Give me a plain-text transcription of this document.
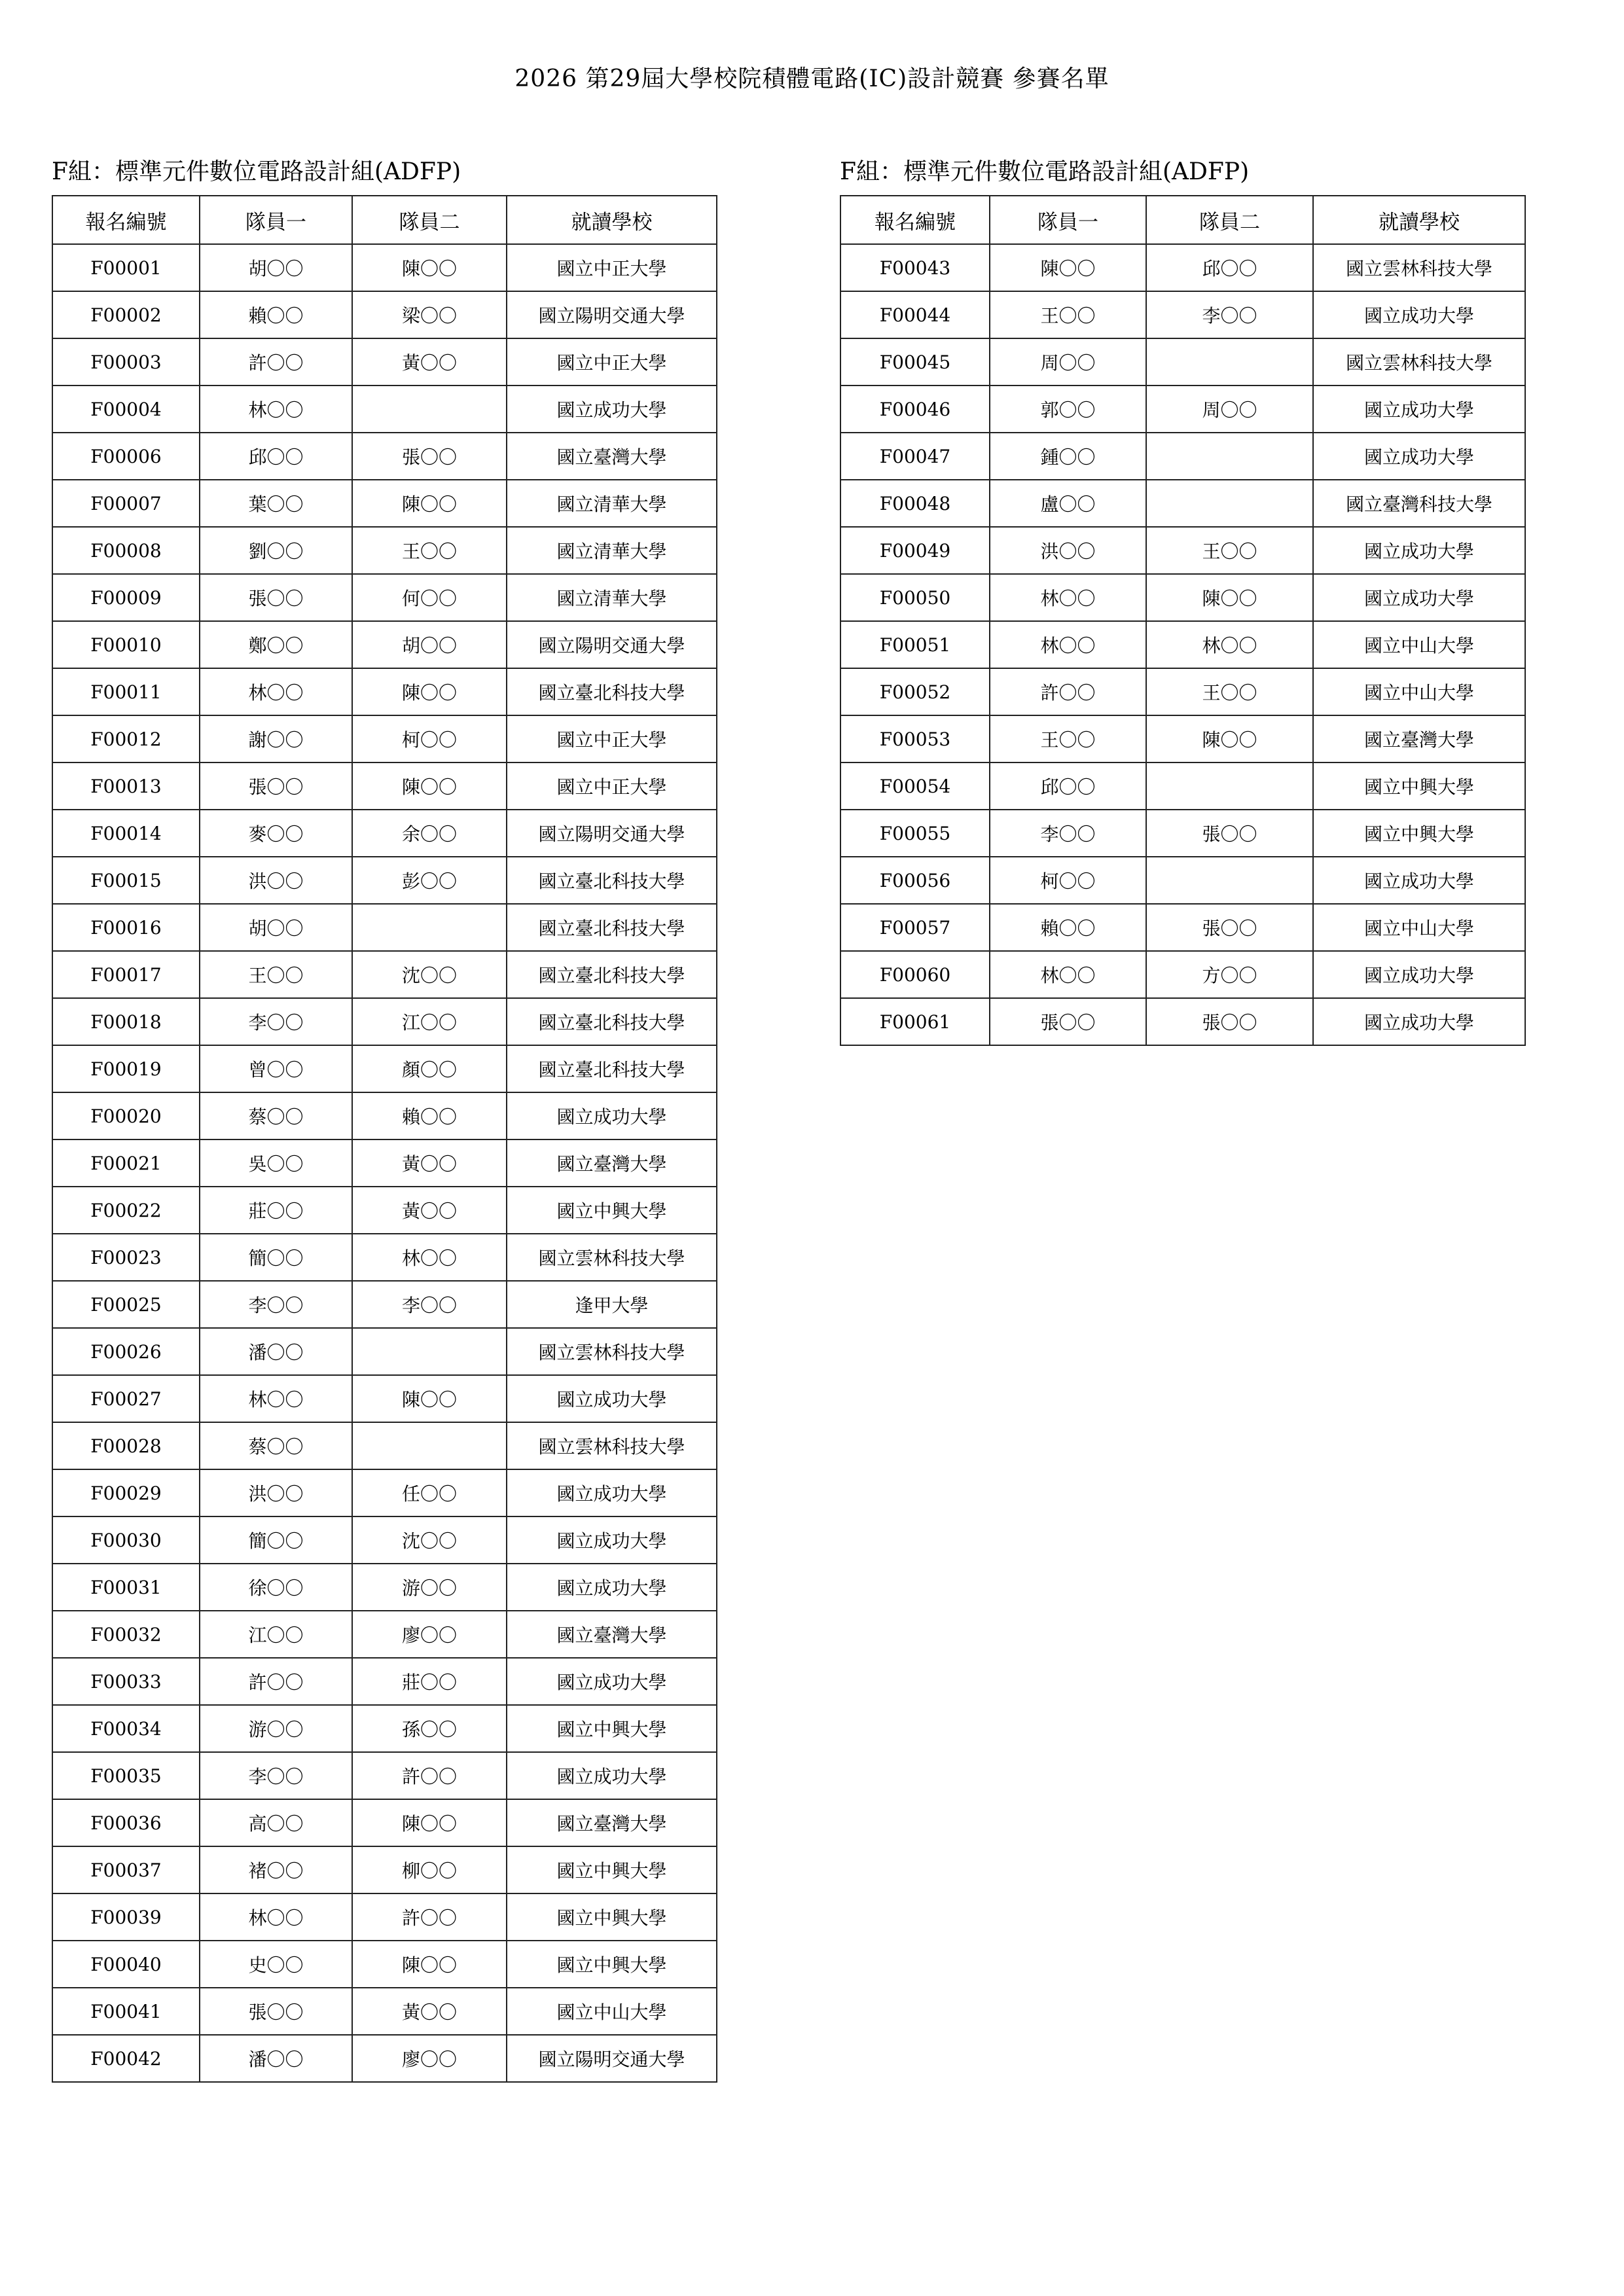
2026 第29屆大學校院積體電路(IC)設計競賽 參賽名單
F組：標準元件數位電路設計組(ADFP)
報名編號	隊員一	隊員二	就讀學校
F00001	胡〇〇	陳〇〇	國立中正大學
F00002	賴〇〇	梁〇〇	國立陽明交通大學
F00003	許〇〇	黃〇〇	國立中正大學
F00004	林〇〇		國立成功大學
F00006	邱〇〇	張〇〇	國立臺灣大學
F00007	葉〇〇	陳〇〇	國立清華大學
F00008	劉〇〇	王〇〇	國立清華大學
F00009	張〇〇	何〇〇	國立清華大學
F00010	鄭〇〇	胡〇〇	國立陽明交通大學
F00011	林〇〇	陳〇〇	國立臺北科技大學
F00012	謝〇〇	柯〇〇	國立中正大學
F00013	張〇〇	陳〇〇	國立中正大學
F00014	麥〇〇	余〇〇	國立陽明交通大學
F00015	洪〇〇	彭〇〇	國立臺北科技大學
F00016	胡〇〇		國立臺北科技大學
F00017	王〇〇	沈〇〇	國立臺北科技大學
F00018	李〇〇	江〇〇	國立臺北科技大學
F00019	曾〇〇	顏〇〇	國立臺北科技大學
F00020	蔡〇〇	賴〇〇	國立成功大學
F00021	吳〇〇	黃〇〇	國立臺灣大學
F00022	莊〇〇	黃〇〇	國立中興大學
F00023	簡〇〇	林〇〇	國立雲林科技大學
F00025	李〇〇	李〇〇	逢甲大學
F00026	潘〇〇		國立雲林科技大學
F00027	林〇〇	陳〇〇	國立成功大學
F00028	蔡〇〇		國立雲林科技大學
F00029	洪〇〇	任〇〇	國立成功大學
F00030	簡〇〇	沈〇〇	國立成功大學
F00031	徐〇〇	游〇〇	國立成功大學
F00032	江〇〇	廖〇〇	國立臺灣大學
F00033	許〇〇	莊〇〇	國立成功大學
F00034	游〇〇	孫〇〇	國立中興大學
F00035	李〇〇	許〇〇	國立成功大學
F00036	高〇〇	陳〇〇	國立臺灣大學
F00037	褚〇〇	柳〇〇	國立中興大學
F00039	林〇〇	許〇〇	國立中興大學
F00040	史〇〇	陳〇〇	國立中興大學
F00041	張〇〇	黃〇〇	國立中山大學
F00042	潘〇〇	廖〇〇	國立陽明交通大學
F組：標準元件數位電路設計組(ADFP)
報名編號	隊員一	隊員二	就讀學校
F00043	陳〇〇	邱〇〇	國立雲林科技大學
F00044	王〇〇	李〇〇	國立成功大學
F00045	周〇〇		國立雲林科技大學
F00046	郭〇〇	周〇〇	國立成功大學
F00047	鍾〇〇		國立成功大學
F00048	盧〇〇		國立臺灣科技大學
F00049	洪〇〇	王〇〇	國立成功大學
F00050	林〇〇	陳〇〇	國立成功大學
F00051	林〇〇	林〇〇	國立中山大學
F00052	許〇〇	王〇〇	國立中山大學
F00053	王〇〇	陳〇〇	國立臺灣大學
F00054	邱〇〇		國立中興大學
F00055	李〇〇	張〇〇	國立中興大學
F00056	柯〇〇		國立成功大學
F00057	賴〇〇	張〇〇	國立中山大學
F00060	林〇〇	方〇〇	國立成功大學
F00061	張〇〇	張〇〇	國立成功大學
